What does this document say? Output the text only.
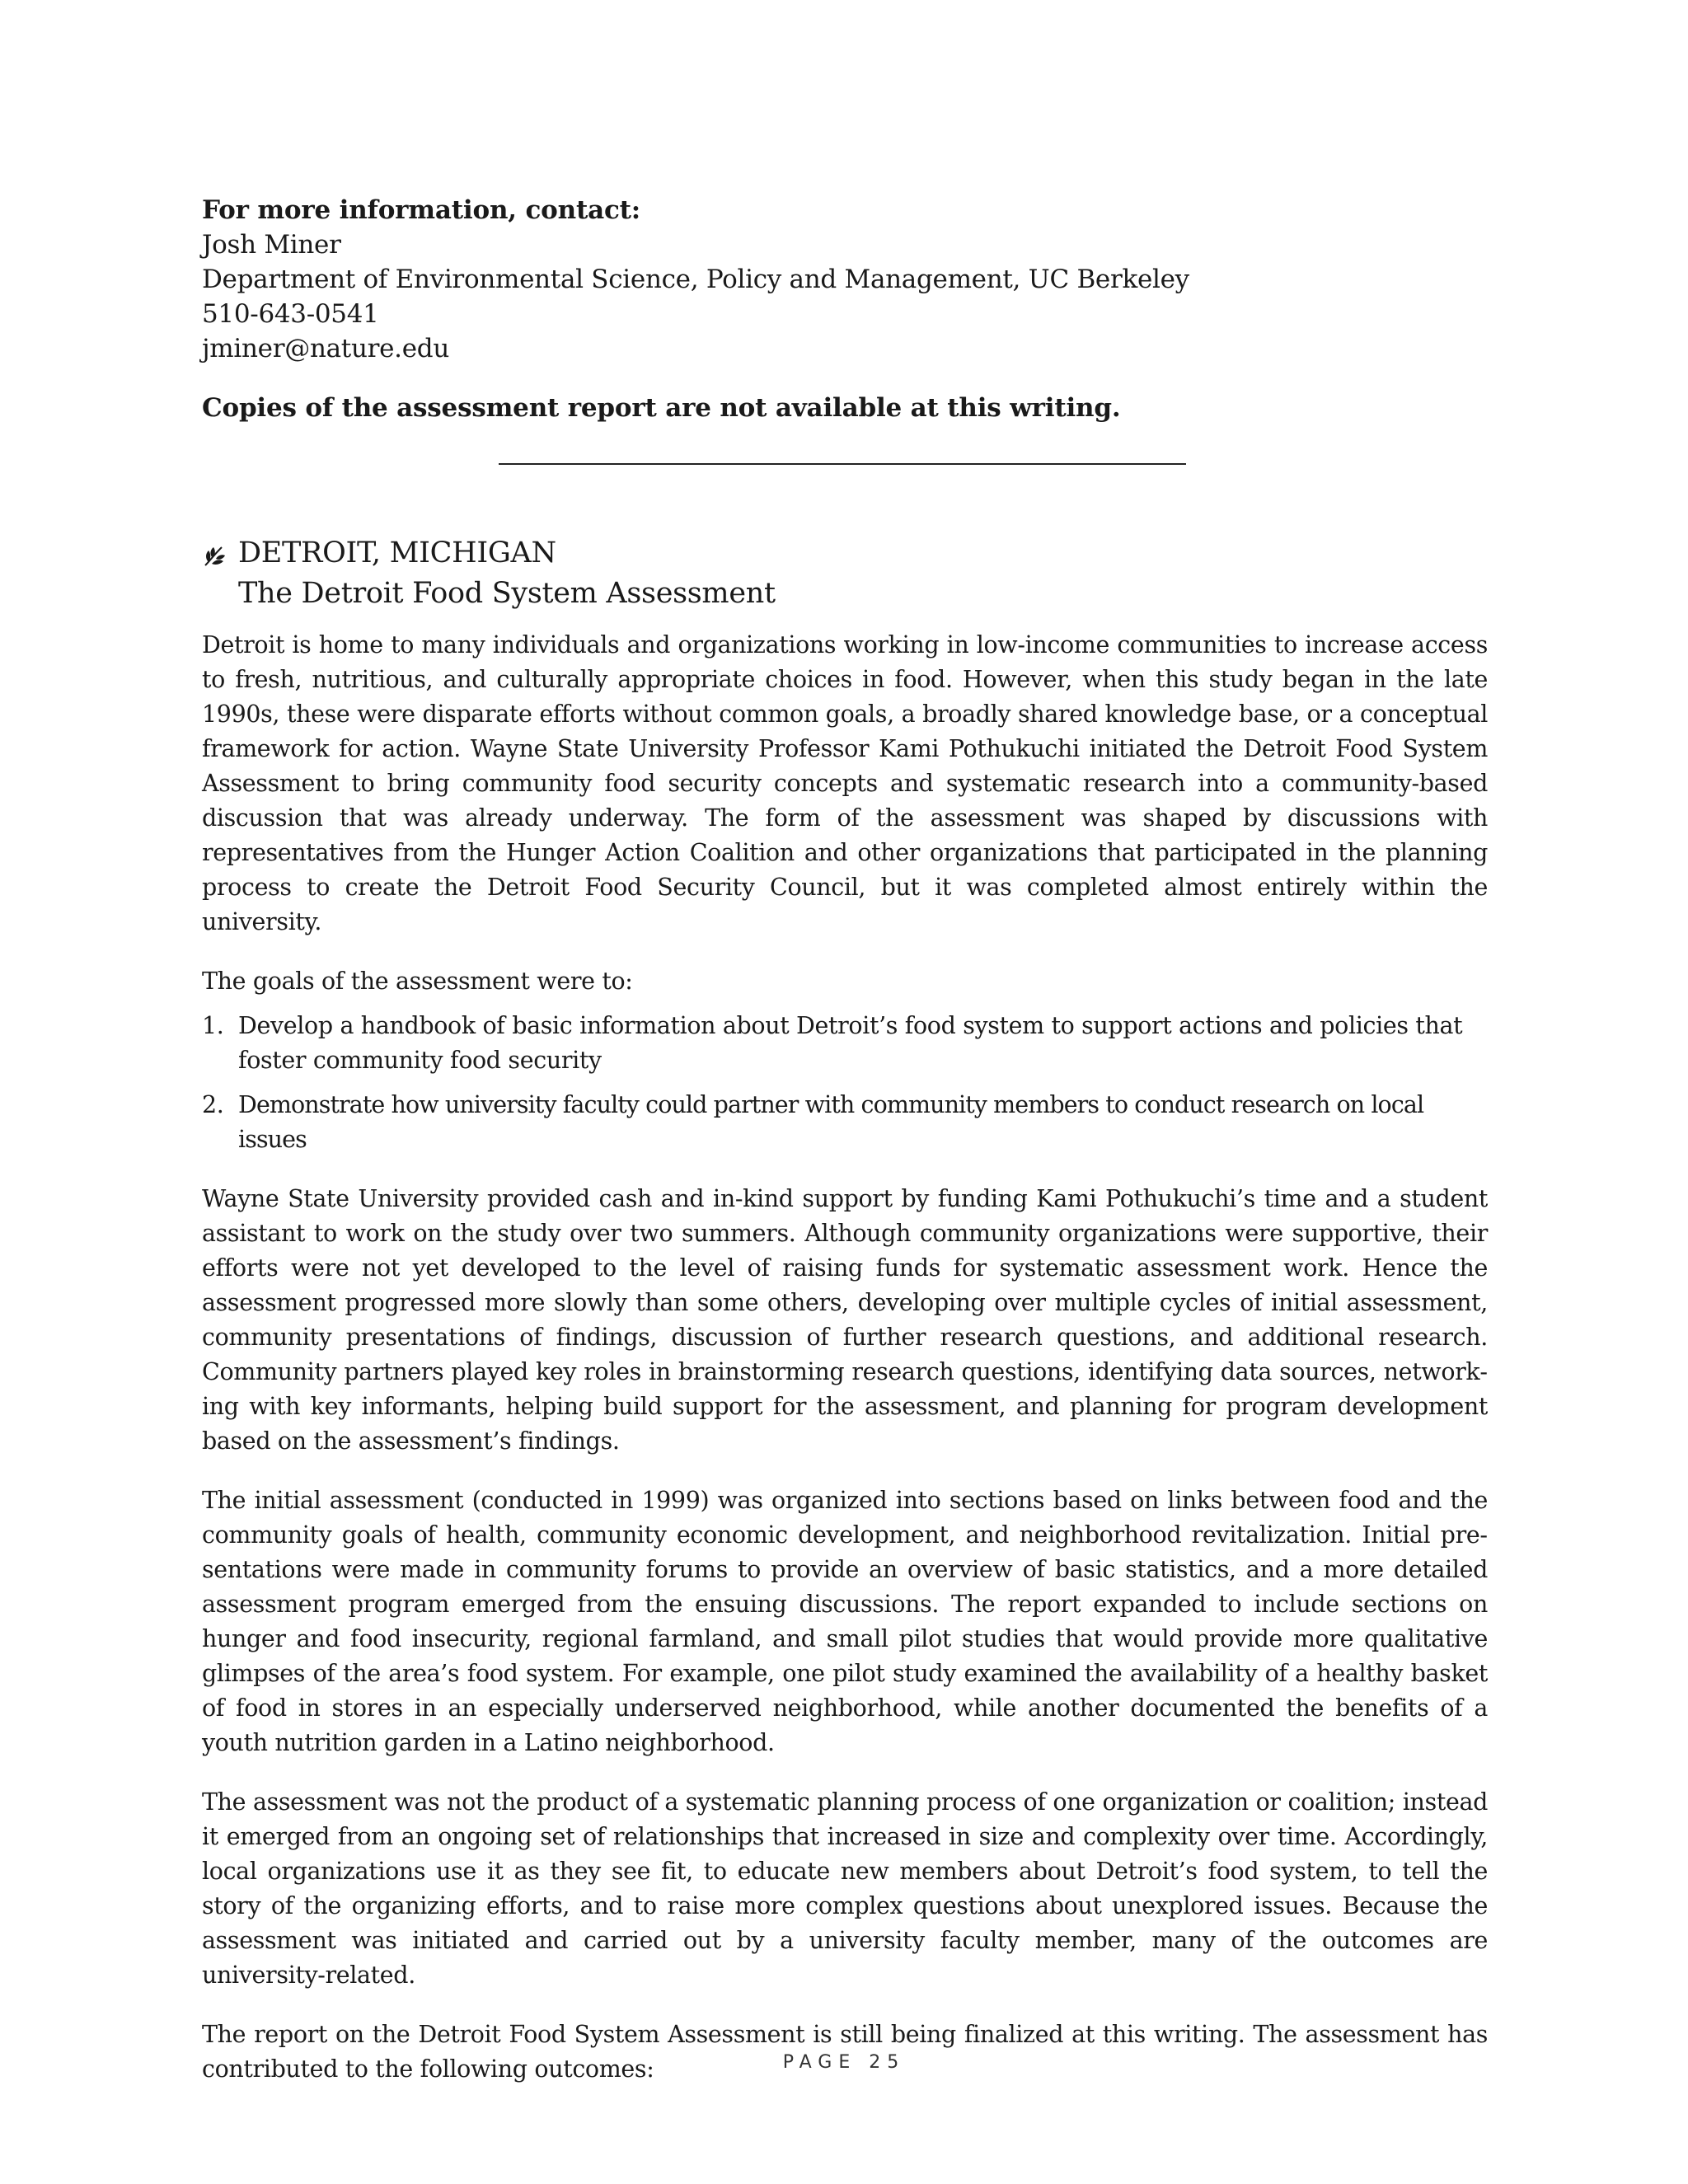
For more information, contact:

Josh Miner

Department of Environmental Science, Policy and Management, UC Berkeley

510-643-0541

jminer@nature.edu

Copies of the assessment report are not available at this writing.

DETROIT, MICHIGAN

The Detroit Food System Assessment

Detroit is home to many individuals and organizations working in low-income communities to increase access to fresh, nutritious, and culturally appropriate choices in food. However, when this study began in the late 1990s, these were disparate efforts without common goals, a broadly shared knowledge base, or a conceptual framework for action. Wayne State University Professor Kami Pothukuchi initiated the Detroit Food System Assessment to bring community food security concepts and systematic research into a community-based discussion that was already underway. The form of the assessment was shaped by discussions with representatives from the Hunger Action Coalition and other organizations that participated in the planning process to create the Detroit Food Security Council, but it was completed almost entirely within the university.

The goals of the assessment were to:

1. Develop a handbook of basic information about Detroit’s food system to support actions and policies that foster community food security
2. Demonstrate how university faculty could partner with community members to conduct research on local issues

Wayne State University provided cash and in-kind support by funding Kami Pothukuchi’s time and a student assistant to work on the study over two summers. Although community organizations were supportive, their efforts were not yet developed to the level of raising funds for systematic assessment work. Hence the assessment progressed more slowly than some others, developing over multiple cycles of initial assessment, community presentations of findings, discussion of further research questions, and additional research. Community partners played key roles in brainstorming research questions, identifying data sources, networking with key informants, helping build support for the assessment, and planning for program development based on the assessment’s findings.

The initial assessment (conducted in 1999) was organized into sections based on links between food and the community goals of health, community economic development, and neighborhood revitalization. Initial presentations were made in community forums to provide an overview of basic statistics, and a more detailed assessment program emerged from the ensuing discussions. The report expanded to include sections on hunger and food insecurity, regional farmland, and small pilot studies that would provide more qualitative glimpses of the area’s food system. For example, one pilot study examined the availability of a healthy basket of food in stores in an especially underserved neighborhood, while another documented the benefits of a youth nutrition garden in a Latino neighborhood.

The assessment was not the product of a systematic planning process of one organization or coalition; instead it emerged from an ongoing set of relationships that increased in size and complexity over time. Accordingly, local organizations use it as they see fit, to educate new members about Detroit’s food system, to tell the story of the organizing efforts, and to raise more complex questions about unexplored issues. Because the assessment was initiated and carried out by a university faculty member, many of the outcomes are university-related.

The report on the Detroit Food System Assessment is still being finalized at this writing. The assessment has contributed to the following outcomes:	PAGE 25
